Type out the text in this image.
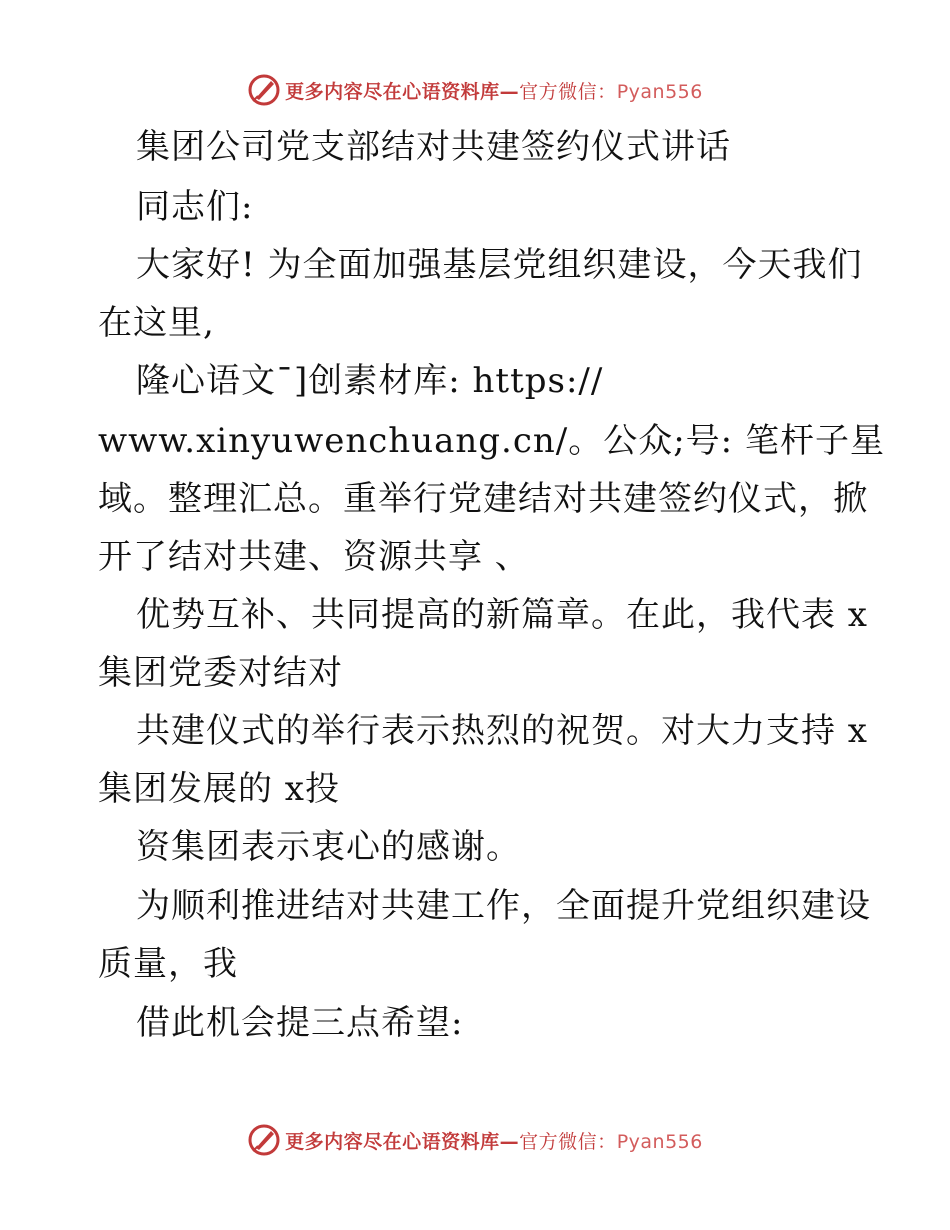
更多内容尽在心语资料库—官方微信：Pyan556
集团公司党支部结对共建签约仪式讲话
同志们:
大家好! 为全面加强基层党组织建设，今天我们
在这里,
隆心语文¯]创素材库: https://
www.xinyuwenchuang.cn/。公众;号: 笔杆子星
域。整理汇总。重举行党建结对共建签约仪式，掀
开了结对共建、资源共享 、
优势互补、共同提高的新篇章。在此，我代表 x
集团党委对结对
共建仪式的举行表示热烈的祝贺。对大力支持 x
集团发展的 x投
资集团表示衷心的感谢。
为顺利推进结对共建工作，全面提升党组织建设
质量，我
借此机会提三点希望:
更多内容尽在心语资料库—官方微信：Pyan556
